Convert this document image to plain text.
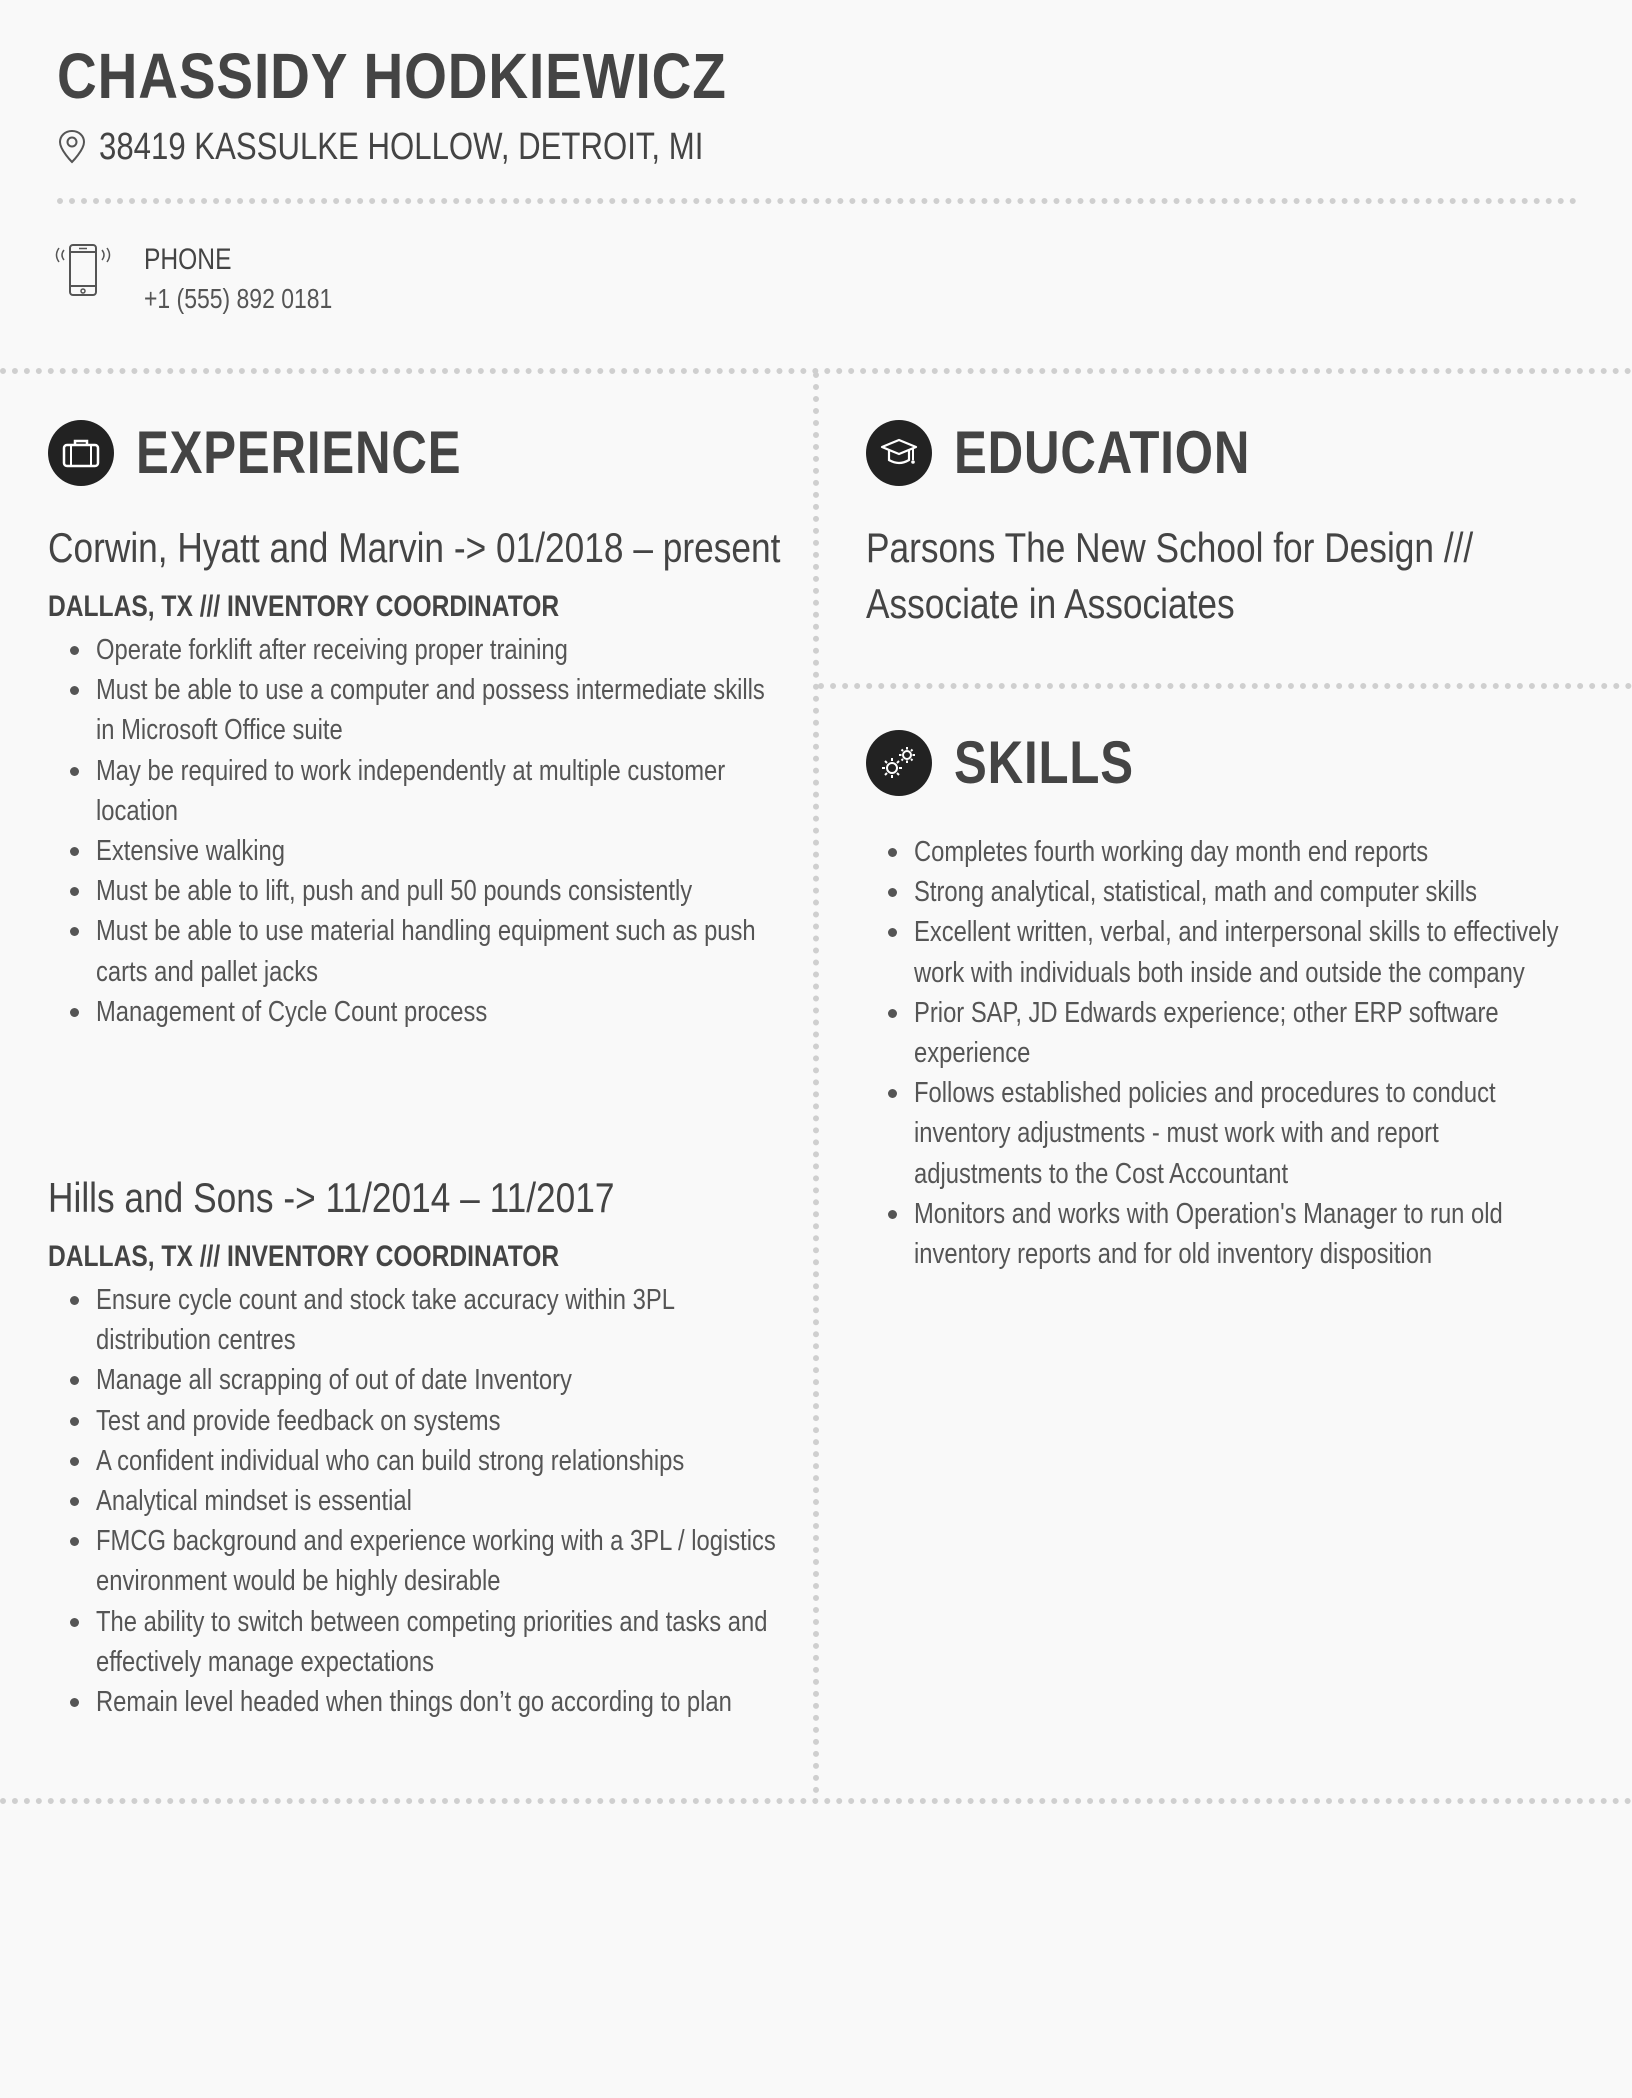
CHASSIDY HODKIEWICZ
38419 KASSULKE HOLLOW, DETROIT, MI
PHONE
+1 (555) 892 0181
EXPERIENCE

Corwin, Hyatt and Marvin -> 01/2018 – present

DALLAS, TX /// INVENTORY COORDINATOR

Operate forklift after receiving proper training
Must be able to use a computer and possess intermediate skills in Microsoft Office suite
May be required to work independently at multiple customer location
Extensive walking
Must be able to lift, push and pull 50 pounds consistently
Must be able to use material handling equipment such as push carts and pallet jacks
Management of Cycle Count process

Hills and Sons -> 11/2014 – 11/2017

DALLAS, TX /// INVENTORY COORDINATOR

Ensure cycle count and stock take accuracy within 3PL distribution centres
Manage all scrapping of out of date Inventory
Test and provide feedback on systems
A confident individual who can build strong relationships
Analytical mindset is essential
FMCG background and experience working with a 3PL / logistics environment would be highly desirable
The ability to switch between competing priorities and tasks and effectively manage expectations
Remain level headed when things don’t go according to plan
EDUCATION

Parsons The New School for Design /// Associate in Associates

SKILLS
Completes fourth working day month end reports
Strong analytical, statistical, math and computer skills
Excellent written, verbal, and interpersonal skills to effectively work with individuals both inside and outside the company
Prior SAP, JD Edwards experience; other ERP software experience
Follows established policies and procedures to conduct inventory adjustments - must work with and report adjustments to the Cost Accountant
Monitors and works with Operation's Manager to run old inventory reports and for old inventory disposition
